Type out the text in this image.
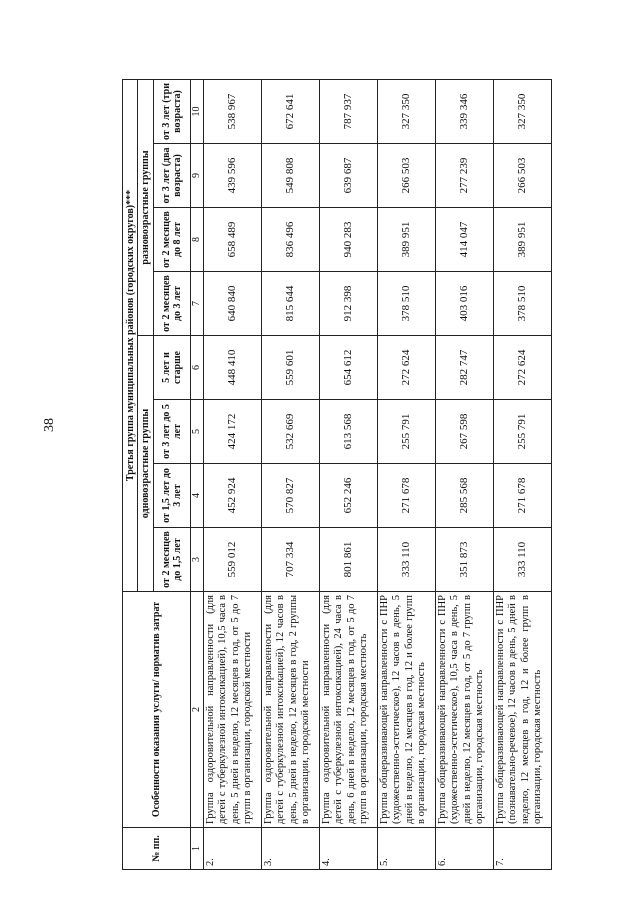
38
№ пп.	Особенности оказания услуги/ норматив затрат	Третья группа муниципальных районов (городских округов)***							
		одновозрастные группы				разновозрастные группы			
		от 2 месяцев до 1,5 лет	от 1,5 лет до 3 лет	от 3 лет до 5 лет	5 лет и старше	от 2 месяцев до 3 лет	от 2 месяцев до 8 лет	от 3 лет (два возраста)	от 3 лет (три возраста)
1	2	3	4	5	6	7	8	9	10
2.	Группа оздоровительной направленности (для детей с туберкулезной интоксикацией), 10,5 часа в день, 5 дней в неделю, 12 месяцев в год, от 5 до 7 групп в организации, городской местности	559 012	452 924	424 172	448 410	640 840	658 489	439 596	538 967
3.	Группа оздоровительной направленности (для детей с туберкулезной интоксикацией), 12 часов в день, 5 дней в неделю, 12 месяцев в год, 2 группы в организации, городской местности	707 334	570 827	532 669	559 601	815 644	836 496	549 808	672 641
4.	Группа оздоровительной направленности (для детей с туберкулезной интоксикацией), 24 часа в день, 6 дней в неделю, 12 месяцев в год, от 5 до 7 групп в организации, городская местность	801 861	652 246	613 568	654 612	912 398	940 283	639 687	787 937
5.	Группа общеразвивающей направленности с ПНР (художественно-эстетическое), 12 часов в день, 5 дней в неделю, 12 месяцев в год, 12 и более групп в организации, городская местность	333 110	271 678	255 791	272 624	378 510	389 951	266 503	327 350
6.	Группа общеразвивающей направленности с ПНР (художественно-эстетическое), 10,5 часа в день, 5 дней в неделю, 12 месяцев в год, от 5 до 7 групп в организации, городская местность	351 873	285 568	267 598	282 747	403 016	414 047	277 239	339 346
7.	Группа общеразвивающей направленности с ПНР (познавательно-речевое), 12 часов в день, 5 дней в неделю, 12 месяцев в год, 12 и более групп в организации, городская местность	333 110	271 678	255 791	272 624	378 510	389 951	266 503	327 350
